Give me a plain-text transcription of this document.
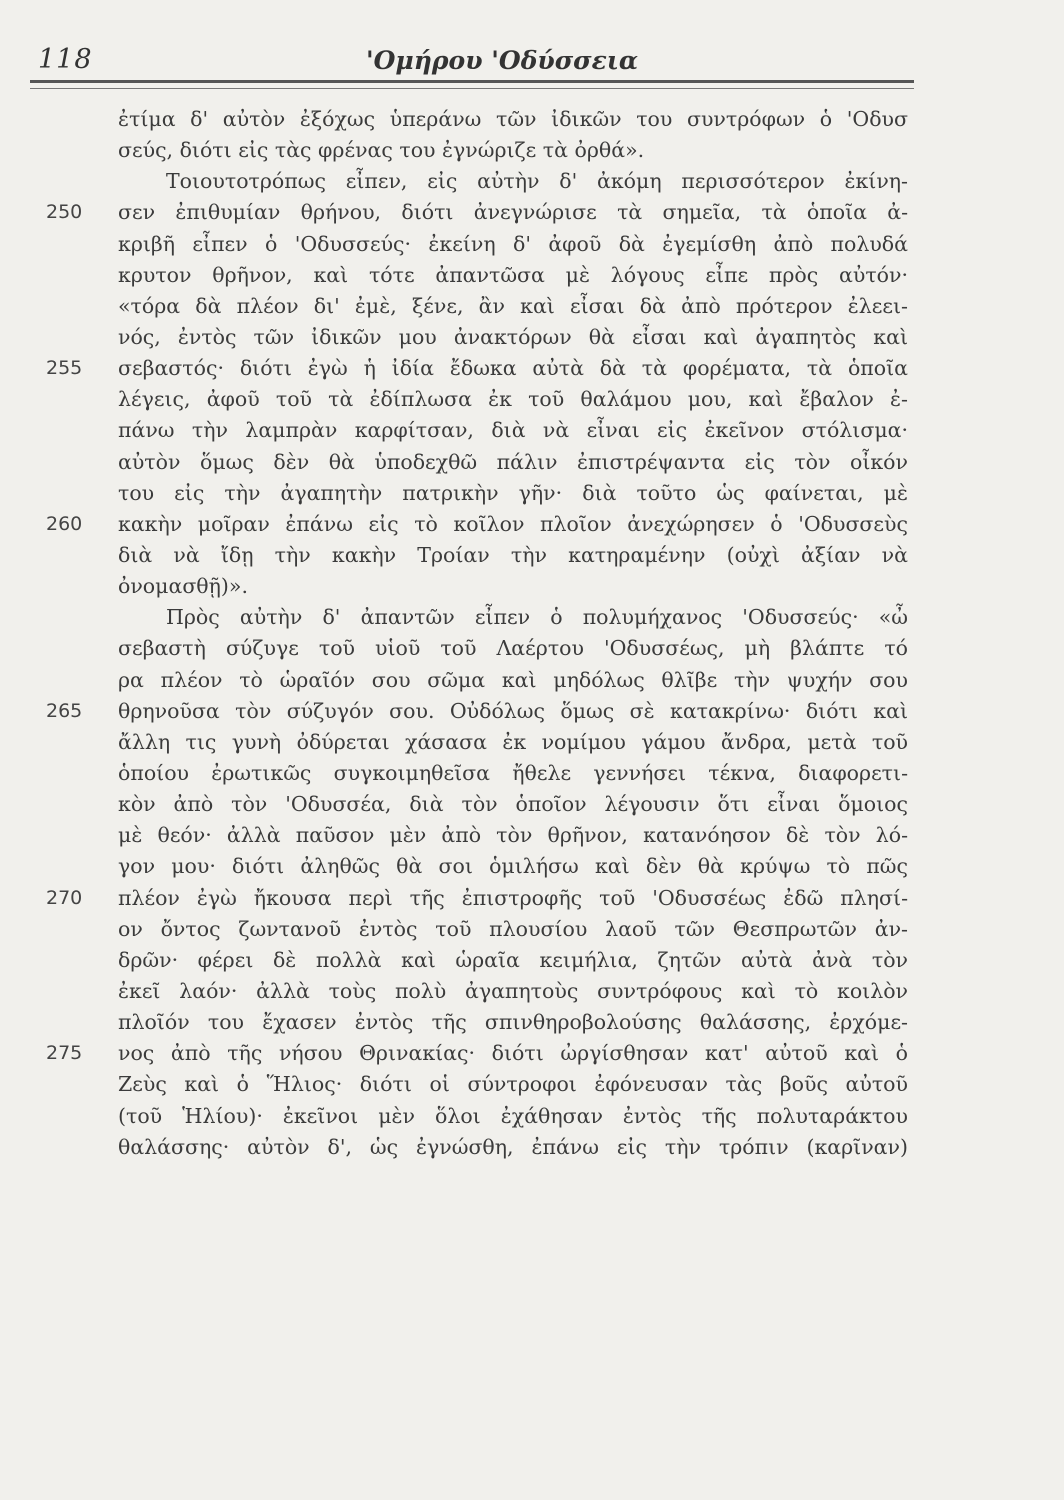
118	'Ομήρου 'Οδύσσεια
ἐτίμα δ' αὐτὸν ἐξόχως ὑπεράνω τῶν ἰδικῶν του συντρόφων ὁ 'Οδυσ
σεύς, διότι εἰς τὰς φρένας του ἐγνώριζε τὰ ὀρθά».
Τοιουτοτρόπως εἶπεν, εἰς αὐτὴν δ' ἀκόμη περισσότερον ἐκίνη-
250 σεν ἐπιθυμίαν θρήνου, διότι ἀνεγνώρισε τὰ σημεῖα, τὰ ὁποῖα ἀ-
κριβῆ εἶπεν ὁ 'Οδυσσεύς· ἐκείνη δ' ἀφοῦ δὰ ἐγεμίσθη ἀπὸ πολυδά
κρυτον θρῆνον, καὶ τότε ἀπαντῶσα μὲ λόγους εἶπε πρὸς αὐτόν·
«τόρα δὰ πλέον δι' ἐμὲ, ξένε, ἂν καὶ εἶσαι δὰ ἀπὸ πρότερον ἐλεει-
νός, ἐντὸς τῶν ἰδικῶν μου ἀνακτόρων θὰ εἶσαι καὶ ἀγαπητὸς καὶ
255 σεβαστός· διότι ἐγὼ ἡ ἰδία ἔδωκα αὐτὰ δὰ τὰ φορέματα, τὰ ὁποῖα
λέγεις, ἀφοῦ τοῦ τὰ ἐδίπλωσα ἐκ τοῦ θαλάμου μου, καὶ ἔβαλον ἐ-
πάνω τὴν λαμπρὰν καρφίτσαν, διὰ νὰ εἶναι εἰς ἐκεῖνον στόλισμα·
αὐτὸν ὅμως δὲν θὰ ὑποδεχθῶ πάλιν ἐπιστρέψαντα εἰς τὸν οἶκόν
του εἰς τὴν ἀγαπητὴν πατρικὴν γῆν· διὰ τοῦτο ὡς φαίνεται, μὲ
260 κακὴν μοῖραν ἐπάνω εἰς τὸ κοῖλον πλοῖον ἀνεχώρησεν ὁ 'Οδυσσεὺς
διὰ νὰ ἴδῃ τὴν κακὴν Τροίαν τὴν κατηραμένην (οὐχὶ ἀξίαν νὰ
ὀνομασθῇ)».
Πρὸς αὐτὴν δ' ἀπαντῶν εἶπεν ὁ πολυμήχανος 'Οδυσσεύς· «ὦ
σεβαστὴ σύζυγε τοῦ υἱοῦ τοῦ Λαέρτου 'Οδυσσέως, μὴ βλάπτε τό
ρα πλέον τὸ ὡραῖόν σου σῶμα καὶ μηδόλως θλῖβε τὴν ψυχήν σου
265 θρηνοῦσα τὸν σύζυγόν σου. Οὐδόλως ὅμως σὲ κατακρίνω· διότι καὶ
ἄλλη τις γυνὴ ὀδύρεται χάσασα ἐκ νομίμου γάμου ἄνδρα, μετὰ τοῦ
ὁποίου ἐρωτικῶς συγκοιμηθεῖσα ἤθελε γεννήσει τέκνα, διαφορετι-
κὸν ἀπὸ τὸν 'Οδυσσέα, διὰ τὸν ὁποῖον λέγουσιν ὅτι εἶναι ὅμοιος
μὲ θεόν· ἀλλὰ παῦσον μὲν ἀπὸ τὸν θρῆνον, κατανόησον δὲ τὸν λό-
γον μου· διότι ἀληθῶς θὰ σοι ὁμιλήσω καὶ δὲν θὰ κρύψω τὸ πῶς
270 πλέον ἐγὼ ἤκουσα περὶ τῆς ἐπιστροφῆς τοῦ 'Οδυσσέως ἐδῶ πλησί-
ον ὄντος ζωντανοῦ ἐντὸς τοῦ πλουσίου λαοῦ τῶν Θεσπρωτῶν ἀν-
δρῶν· φέρει δὲ πολλὰ καὶ ὡραῖα κειμήλια, ζητῶν αὐτὰ ἀνὰ τὸν
ἐκεῖ λαόν· ἀλλὰ τοὺς πολὺ ἀγαπητοὺς συντρόφους καὶ τὸ κοιλὸν
πλοῖόν του ἔχασεν ἐντὸς τῆς σπινθηροβολούσης θαλάσσης, ἐρχόμε-
275 νος ἀπὸ τῆς νήσου Θρινακίας· διότι ὠργίσθησαν κατ' αὐτοῦ καὶ ὁ
Ζεὺς καὶ ὁ Ἥλιος· διότι οἱ σύντροφοι ἐφόνευσαν τὰς βοῦς αὐτοῦ
(τοῦ Ἡλίου)· ἐκεῖνοι μὲν ὅλοι ἐχάθησαν ἐντὸς τῆς πολυταράκτου
θαλάσσης· αὐτὸν δ', ὡς ἐγνώσθη, ἐπάνω εἰς τὴν τρόπιν (καρῖναν)
